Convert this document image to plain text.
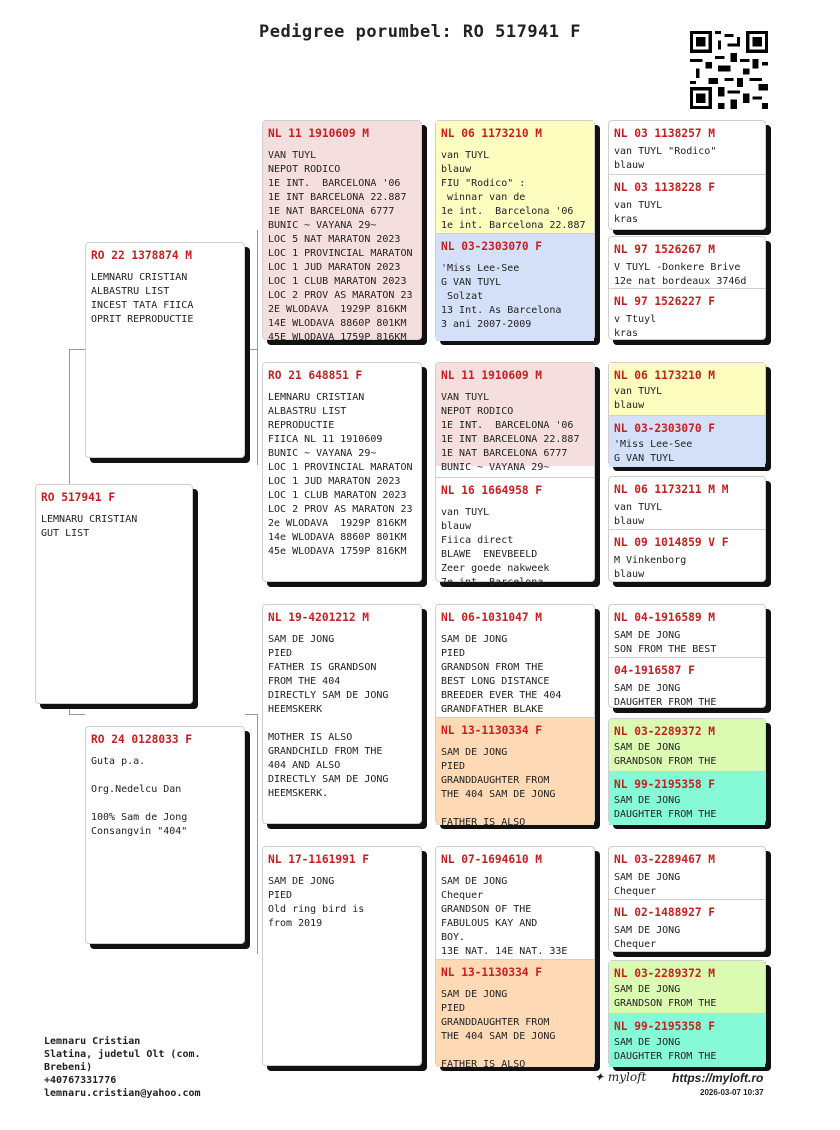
Pedigree porumbel: RO 517941 F
RO 517941 F
LEMNARU CRISTIAN
GUT LIST
RO 22 1378874 M
LEMNARU CRISTIAN
ALBASTRU LIST
INCEST TATA FIICA
OPRIT REPRODUCTIE
RO 24 0128033 F
Guta p.a.
Org.Nedelcu Dan
100% Sam de Jong
Consangvin "404"
NL 11 1910609 M
VAN TUYL
NEPOT RODICO
1E INT.  BARCELONA '06
1E INT BARCELONA 22.887
1E NAT BARCELONA 6777
BUNIC ~ VAYANA 29~
LOC 5 NAT MARATON 2023
LOC 1 PROVINCIAL MARATON
LOC 1 JUD MARATON 2023
LOC 1 CLUB MARATON 2023
LOC 2 PROV AS MARATON 23
2E WLODAVA  1929P 816KM
14E WLODAVA 8860P 801KM
45E WLODAVA 1759P 816KM
RO 21 648851 F
LEMNARU CRISTIAN
ALBASTRU LIST
REPRODUCTIE
FIICA NL 11 1910609
BUNIC ~ VAYANA 29~
LOC 1 PROVINCIAL MARATON
LOC 1 JUD MARATON 2023
LOC 1 CLUB MARATON 2023
LOC 2 PROV AS MARATON 23
2e WLODAVA  1929P 816KM
14e WLODAVA 8860P 801KM
45e WLODAVA 1759P 816KM
NL 19-4201212 M
SAM DE JONG
PIED
FATHER IS GRANDSON
FROM THE 404
DIRECTLY SAM DE JONG
HEEMSKERK
MOTHER IS ALSO
GRANDCHILD FROM THE
404 AND ALSO
DIRECTLY SAM DE JONG
HEEMSKERK.
NL 17-1161991 F
SAM DE JONG
PIED
Old ring bird is
from 2019
NL 06 1173210 M
van TUYL
blauw
FIU "Rodico" :
winnar van de
1e int.  Barcelona '06
1e int. Barcelona 22.887
NL 03-2303070 F
'Miss Lee-See
G VAN TUYL
Solzat
13 Int. As Barcelona
3 ani 2007-2009
NL 11 1910609 M
VAN TUYL
NEPOT RODICO
1E INT.  BARCELONA '06
1E INT BARCELONA 22.887
1E NAT BARCELONA 6777
BUNIC ~ VAYANA 29~
NL 16 1664958 F
van TUYL
blauw
Fiica direct
BLAWE  ENEVBEELD
Zeer goede nakweek
7e int. Barcelona
NL 06-1031047 M
SAM DE JONG
PIED
GRANDSON FROM THE
BEST LONG DISTANCE
BREEDER EVER THE 404
GRANDFATHER BLAKE
NL 13-1130334 F
SAM DE JONG
PIED
GRANDDAUGHTER FROM
THE 404 SAM DE JONG
FATHER IS ALSO
NL 07-1694610 M
SAM DE JONG
Chequer
GRANDSON OF THE
FABULOUS KAY AND
BOY.
13E NAT. 14E NAT. 33E
NL 13-1130334 F
SAM DE JONG
PIED
GRANDDAUGHTER FROM
THE 404 SAM DE JONG
FATHER IS ALSO
NL 03 1138257 M
van TUYL "Rodico"
blauw
NL 03 1138228 F
van TUYL
kras
NL 97 1526267 M
V TUYL -Donkere Brive
12e nat bordeaux 3746d
NL 97 1526227 F
v Ttuyl
kras
NL 06 1173210 M
van TUYL
blauw
NL 03-2303070 F
'Miss Lee-See
G VAN TUYL
NL 06 1173211 M M
van TUYL
blauw
NL 09 1014859 V F
M Vinkenborg
blauw
NL 04-1916589 M
SAM DE JONG
SON FROM THE BEST
04-1916587 F
SAM DE JONG
DAUGHTER FROM THE
NL 03-2289372 M
SAM DE JONG
GRANDSON FROM THE
NL 99-2195358 F
SAM DE JONG
DAUGHTER FROM THE
NL 03-2289467 M
SAM DE JONG
Chequer
NL 02-1488927 F
SAM DE JONG
Chequer
NL 03-2289372 M
SAM DE JONG
GRANDSON FROM THE
NL 99-2195358 F
SAM DE JONG
DAUGHTER FROM THE
Lemnaru Cristian
Slatina, judetul Olt (com.
Brebeni)
+40767331776
lemnaru.cristian@yahoo.com
✦ myloft https://myloft.ro
2026-03-07 10:37
